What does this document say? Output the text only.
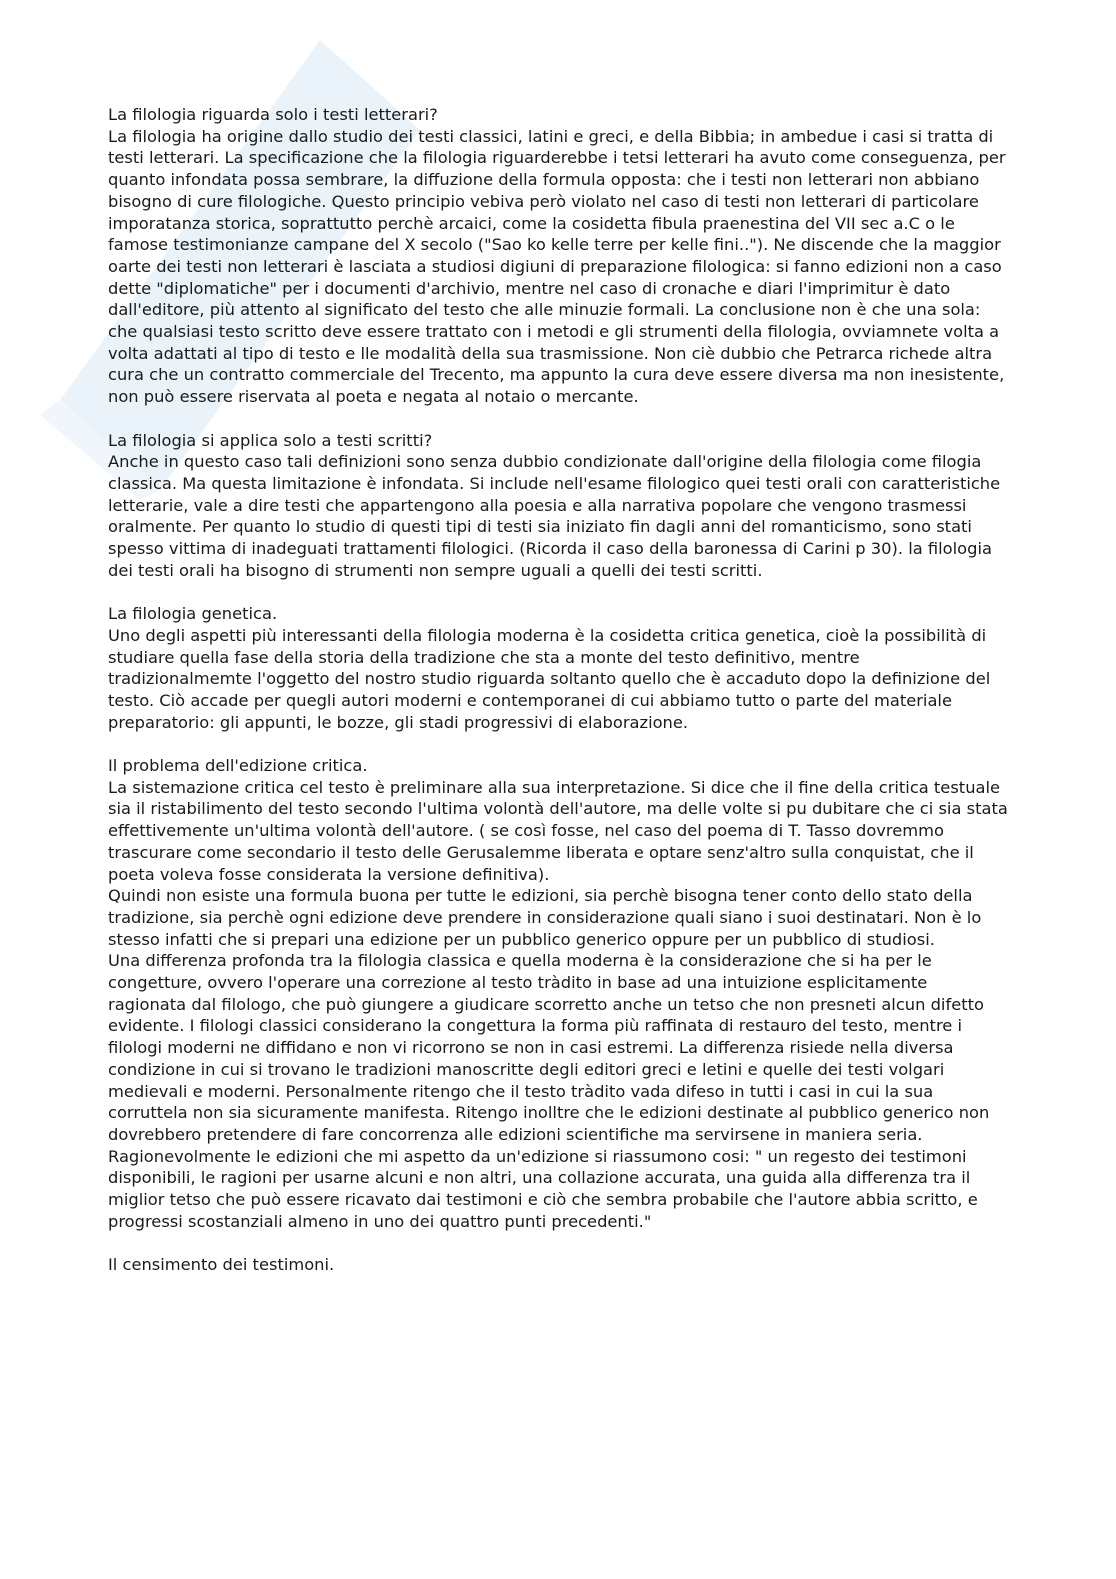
La filologia riguarda solo i testi letterari?

La filologia ha origine dallo studio dei testi classici, latini e greci, e della Bibbia; in ambedue i casi si tratta di testi letterari. La specificazione che la filologia riguarderebbe i tetsi letterari ha avuto come conseguenza, per quanto infondata possa sembrare, la diffuzione della formula opposta: che i testi non letterari non abbiano bisogno di cure filologiche. Questo principio vebiva però violato nel caso di testi non letterari di particolare imporatanza storica, soprattutto perchè arcaici, come la cosidetta fibula praenestina del VII sec a.C o le famose testimonianze campane del X secolo ("Sao ko kelle terre per kelle fini.."). Ne discende che la maggior oarte dei testi non letterari è lasciata a studiosi digiuni di preparazione filologica: si fanno edizioni non a caso dette "diplomatiche" per i documenti d'archivio, mentre nel caso di cronache e diari l'imprimitur è dato dall'editore, più attento al significato del testo che alle minuzie formali. La conclusione non è che una sola: che qualsiasi testo scritto deve essere trattato con i metodi e gli strumenti della filologia, ovviamnete volta a volta adattati al tipo di testo e lle modalità della sua trasmissione. Non ciè dubbio che Petrarca richede altra cura che un contratto commerciale del Trecento, ma appunto la cura deve essere diversa ma non inesistente, non può essere riservata al poeta e negata al notaio o mercante.

La filologia si applica solo a testi scritti?

Anche in questo caso tali definizioni sono senza dubbio condizionate dall'origine della filologia come filogia classica. Ma questa limitazione è infondata. Si include nell'esame filologico quei testi orali con caratteristiche letterarie, vale a dire testi che appartengono alla poesia e alla narrativa popolare che vengono trasmessi oralmente. Per quanto lo studio di questi tipi di testi sia iniziato fin dagli anni del romanticismo, sono stati spesso vittima di inadeguati trattamenti filologici. (Ricorda il caso della baronessa di Carini p 30). la filologia dei testi orali ha bisogno di strumenti non sempre uguali a quelli dei testi scritti.

La filologia genetica.

Uno degli aspetti più interessanti della filologia moderna è la cosidetta critica genetica, cioè la possibilità di studiare quella fase della storia della tradizione che sta a monte del testo definitivo, mentre tradizionalmemte l'oggetto del nostro studio riguarda soltanto quello che è accaduto dopo la definizione del testo. Ciò accade per quegli autori moderni e contemporanei di cui abbiamo tutto o parte del materiale preparatorio: gli appunti, le bozze, gli stadi progressivi di elaborazione.

Il problema dell'edizione critica.

La sistemazione critica cel testo è preliminare alla sua interpretazione. Si dice che il fine della critica testuale sia il ristabilimento del testo secondo l'ultima volontà dell'autore, ma delle volte si pu dubitare che ci sia stata effettivemente un'ultima volontà dell'autore. ( se così fosse, nel caso del poema di T. Tasso dovremmo trascurare come secondario il testo delle Gerusalemme liberata e optare senz'altro sulla conquistat, che il poeta voleva fosse considerata la versione definitiva).

Quindi non esiste una formula buona per tutte le edizioni, sia perchè bisogna tener conto dello stato della tradizione, sia perchè ogni edizione deve prendere in considerazione quali siano i suoi destinatari. Non è lo stesso infatti che si prepari una edizione per un pubblico generico oppure per un pubblico di studiosi.

Una differenza profonda tra la filologia classica e quella moderna è la considerazione che si ha per le congetture, ovvero l'operare una correzione al testo tràdito in base ad una intuizione esplicitamente ragionata dal filologo, che può giungere a giudicare scorretto anche un tetso che non presneti alcun difetto evidente. I filologi classici considerano la congettura la forma più raffinata di restauro del testo, mentre i filologi moderni ne diffidano e non vi ricorrono se non in casi estremi. La differenza risiede nella diversa condizione in cui si trovano le tradizioni manoscritte degli editori greci e letini e quelle dei testi volgari medievali e moderni. Personalmente ritengo che il testo tràdito vada difeso in tutti i casi in cui la sua corruttela non sia sicuramente manifesta. Ritengo inolltre che le edizioni destinate al pubblico generico non dovrebbero pretendere di fare concorrenza alle edizioni scientifiche ma servirsene in maniera seria. Ragionevolmente le edizioni che mi aspetto da un'edizione si riassumono cosi: " un regesto dei testimoni disponibili, le ragioni per usarne alcuni e non altri, una collazione accurata, una guida alla differenza tra il miglior tetso che può essere ricavato dai testimoni e ciò che sembra probabile che l'autore abbia scritto, e progressi scostanziali almeno in uno dei quattro punti precedenti."

Il censimento dei testimoni.
